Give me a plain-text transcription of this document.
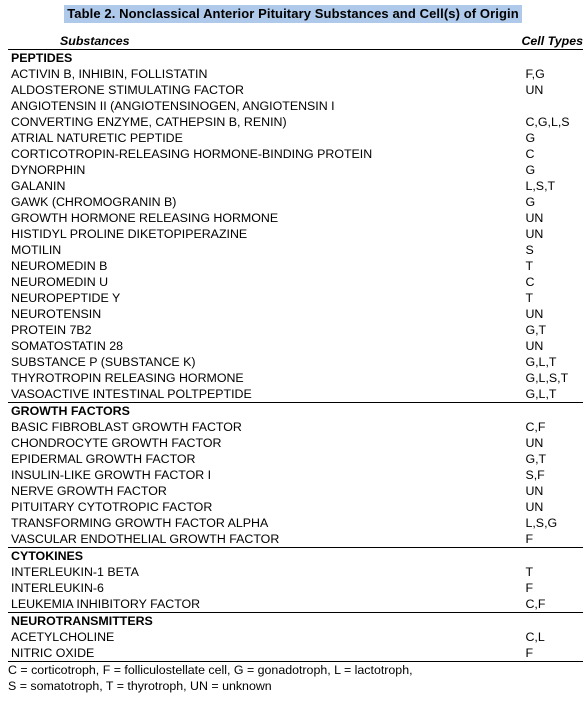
Table 2. Nonclassical Anterior Pituitary Substances and Cell(s) of Origin
Substances	Cell Types
PEPTIDES	
ACTIVIN B, INHIBIN, FOLLISTATIN	F,G
ALDOSTERONE STIMULATING FACTOR	UN
ANGIOTENSIN II (ANGIOTENSINOGEN, ANGIOTENSIN I	
CONVERTING ENZYME, CATHEPSIN B, RENIN)	C,G,L,S
ATRIAL NATURETIC PEPTIDE	G
CORTICOTROPIN-RELEASING HORMONE-BINDING PROTEIN	C
DYNORPHIN	G
GALANIN	L,S,T
GAWK (CHROMOGRANIN B)	G
GROWTH HORMONE RELEASING HORMONE	UN
HISTIDYL PROLINE DIKETOPIPERAZINE	UN
MOTILIN	S
NEUROMEDIN B	T
NEUROMEDIN U	C
NEUROPEPTIDE Y	T
NEUROTENSIN	UN
PROTEIN 7B2	G,T
SOMATOSTATIN 28	UN
SUBSTANCE P (SUBSTANCE K)	G,L,T
THYROTROPIN RELEASING HORMONE	G,L,S,T
VASOACTIVE INTESTINAL POLTPEPTIDE	G,L,T
GROWTH FACTORS	
BASIC FIBROBLAST GROWTH FACTOR	C,F
CHONDROCYTE GROWTH FACTOR	UN
EPIDERMAL GROWTH FACTOR	G,T
INSULIN-LIKE GROWTH FACTOR I	S,F
NERVE GROWTH FACTOR	UN
PITUITARY CYTOTROPIC FACTOR	UN
TRANSFORMING GROWTH FACTOR ALPHA	L,S,G
VASCULAR ENDOTHELIAL GROWTH FACTOR	F
CYTOKINES	
INTERLEUKIN-1 BETA	T
INTERLEUKIN-6	F
LEUKEMIA INHIBITORY FACTOR	C,F
NEUROTRANSMITTERS	
ACETYLCHOLINE	C,L
NITRIC OXIDE	F
C = corticotroph, F = folliculostellate cell, G = gonadotroph, L = lactotroph,
S = somatotroph, T = thyrotroph, UN = unknown
